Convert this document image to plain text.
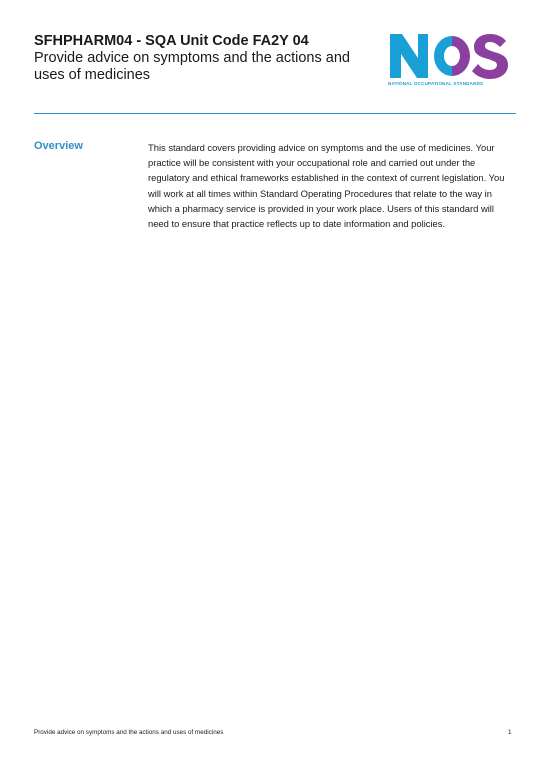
SFHPHARM04 - SQA Unit Code FA2Y 04

Provide advice on symptoms and the actions and uses of medicines

NATIONAL OCCUPATIONAL STANDARDS
Overview	This standard covers providing advice on symptoms and the use of medicines. Your practice will be consistent with your occupational role and carried out under the regulatory and ethical frameworks established in the context of current legislation. You will work at all times within Standard Operating Procedures that relate to the way in which a pharmacy service is provided in your work place. Users of this standard will need to ensure that practice reflects up to date information and policies.
Provide advice on symptoms and the actions and uses of medicines	1
